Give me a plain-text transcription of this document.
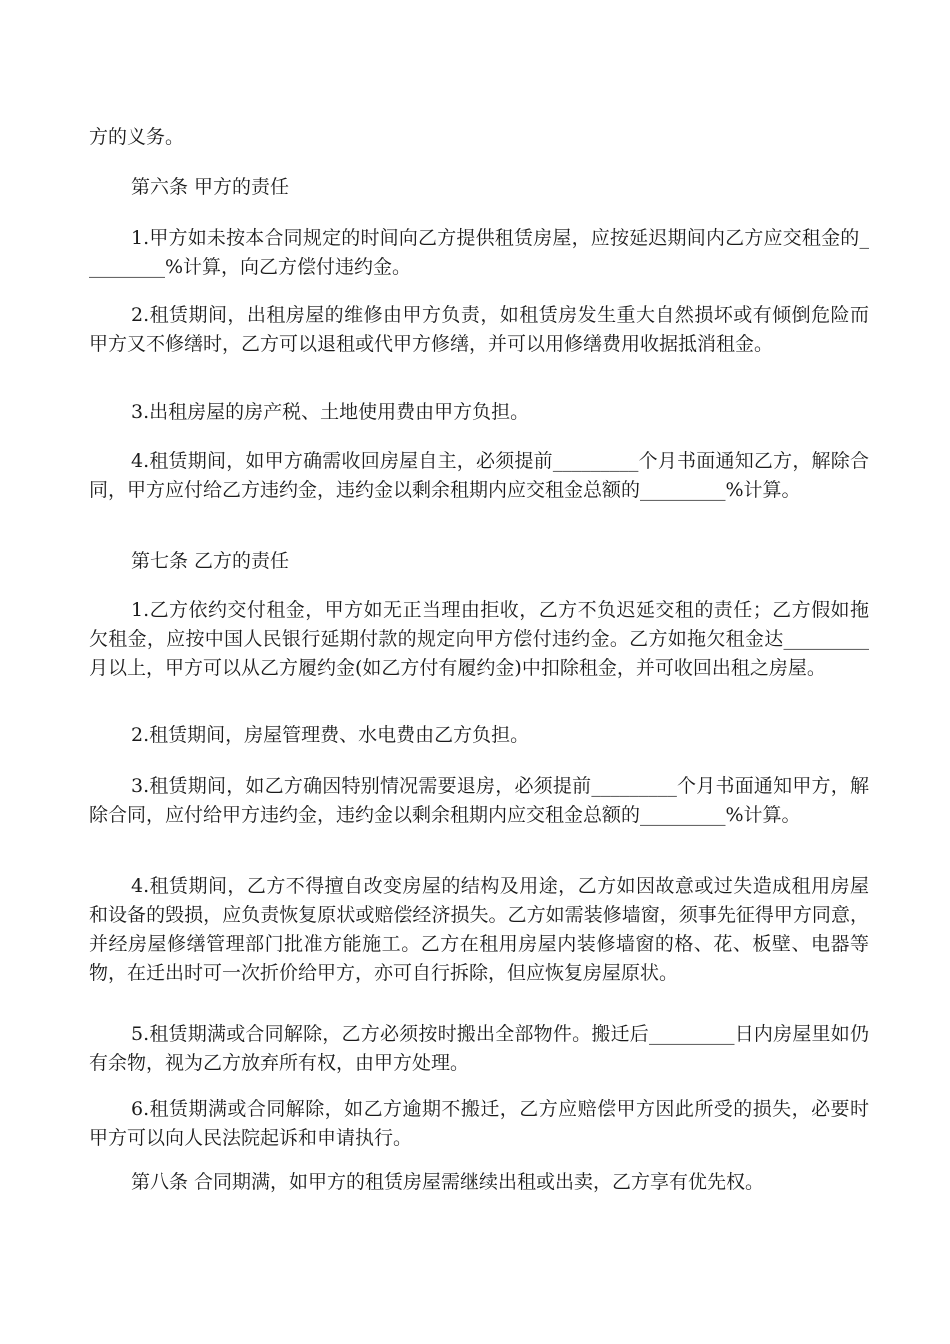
方的义务。

第六条 甲方的责任

1.甲方如未按本合同规定的时间向乙方提供租赁房屋，应按延迟期间内乙方应交租金的_________%计算，向乙方偿付违约金。

2.租赁期间，出租房屋的维修由甲方负责，如租赁房发生重大自然损坏或有倾倒危险而甲方又不修缮时，乙方可以退租或代甲方修缮，并可以用修缮费用收据抵消租金。

3.出租房屋的房产税、土地使用费由甲方负担。

4.租赁期间，如甲方确需收回房屋自主，必须提前_________个月书面通知乙方，解除合同，甲方应付给乙方违约金，违约金以剩余租期内应交租金总额的_________%计算。

第七条 乙方的责任

1.乙方依约交付租金，甲方如无正当理由拒收，乙方不负迟延交租的责任；乙方假如拖欠租金，应按中国人民银行延期付款的规定向甲方偿付违约金。乙方如拖欠租金达_________月以上，甲方可以从乙方履约金(如乙方付有履约金)中扣除租金，并可收回出租之房屋。

2.租赁期间，房屋管理费、水电费由乙方负担。

3.租赁期间，如乙方确因特别情况需要退房，必须提前_________个月书面通知甲方，解除合同，应付给甲方违约金，违约金以剩余租期内应交租金总额的_________%计算。

4.租赁期间，乙方不得擅自改变房屋的结构及用途，乙方如因故意或过失造成租用房屋和设备的毁损，应负责恢复原状或赔偿经济损失。乙方如需装修墙窗，须事先征得甲方同意，并经房屋修缮管理部门批准方能施工。乙方在租用房屋内装修墙窗的格、花、板壁、电器等物，在迁出时可一次折价给甲方，亦可自行拆除，但应恢复房屋原状。

5.租赁期满或合同解除，乙方必须按时搬出全部物件。搬迁后_________日内房屋里如仍有余物，视为乙方放弃所有权，由甲方处理。

6.租赁期满或合同解除，如乙方逾期不搬迁，乙方应赔偿甲方因此所受的损失，必要时甲方可以向人民法院起诉和申请执行。

第八条 合同期满，如甲方的租赁房屋需继续出租或出卖，乙方享有优先权。
